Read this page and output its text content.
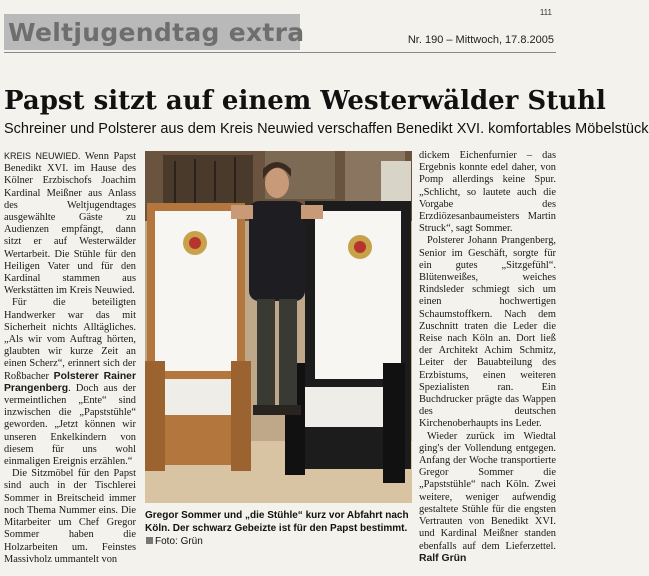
111
Weltjugendtag extra	Nr. 190 – Mittwoch, 17.8.2005
Papst sitzt auf einem Westerwälder Stuhl
Schreiner und Polsterer aus dem Kreis Neuwied verschaffen Benedikt XVI. komfortables Möbelstück

KREIS NEUWIED. Wenn Papst Benedikt XVI. im Hause des Kölner Erzbischofs Joachim Kardinal Meißner aus Anlass des Weltjugendtages ausgewählte Gäste zu Audienzen empfängt, dann sitzt er auf Westerwälder Wertarbeit. Die Stühle für den Heiligen Vater und für den Kardinal stammen aus Werkstätten im Kreis Neuwied.

Für die beteiligten Handwerker war das mit Sicherheit nichts Alltägliches. „Als wir vom Auftrag hörten, glaubten wir kurze Zeit an einen Scherz“, erinnert sich der Roßbacher Polsterer Rainer Prangenberg. Doch aus der vermeintlichen „Ente“ sind inzwischen die „Papststühle“ geworden. „Jetzt können wir unseren Enkelkindern von diesem für uns wohl einmaligen Ereignis erzählen.“

Die Sitzmöbel für den Papst sind auch in der Tischlerei Sommer in Breitscheid immer noch Thema Nummer eins. Die Mitarbeiter um Chef Gregor Sommer haben die Holzarbeiten um. Feinstes Massivholz ummantelt von

Gregor Sommer und „die Stühle“ kurz vor Abfahrt nach Köln. Der schwarz Gebeizte ist für den Papst bestimmt. Foto: Grün

dickem Eichenfurnier – das Ergebnis konnte edel daher, von Pomp allerdings keine Spur. „Schlicht, so lautete auch die Vorgabe des Erzdiözesanbaumeisters Martin Struck“, sagt Sommer.

Polsterer Johann Prangenberg, Senior im Geschäft, sorgte für ein gutes „Sitzgefühl“. Blütenweißes, weiches Rindsleder schmiegt sich um einen hochwertigen Schaumstoffkern. Nach dem Zuschnitt traten die Leder die Reise nach Köln an. Dort ließ der Architekt Achim Schmitz, Leiter der Bauabteilung des Erzbistums, einen weiteren Spezialisten ran. Ein Buchdrucker prägte das Wappen des deutschen Kirchenoberhaupts ins Leder.

Wieder zurück im Wiedtal ging's der Vollendung entgegen. Anfang der Woche transportierte Gregor Sommer die „Papststühle“ nach Köln. Zwei weitere, weniger aufwendig gestaltete Stühle für die engsten Vertrauten von Benedikt XVI. und Kardinal Meißner standen ebenfalls auf dem Lieferzettel. Ralf Grün
